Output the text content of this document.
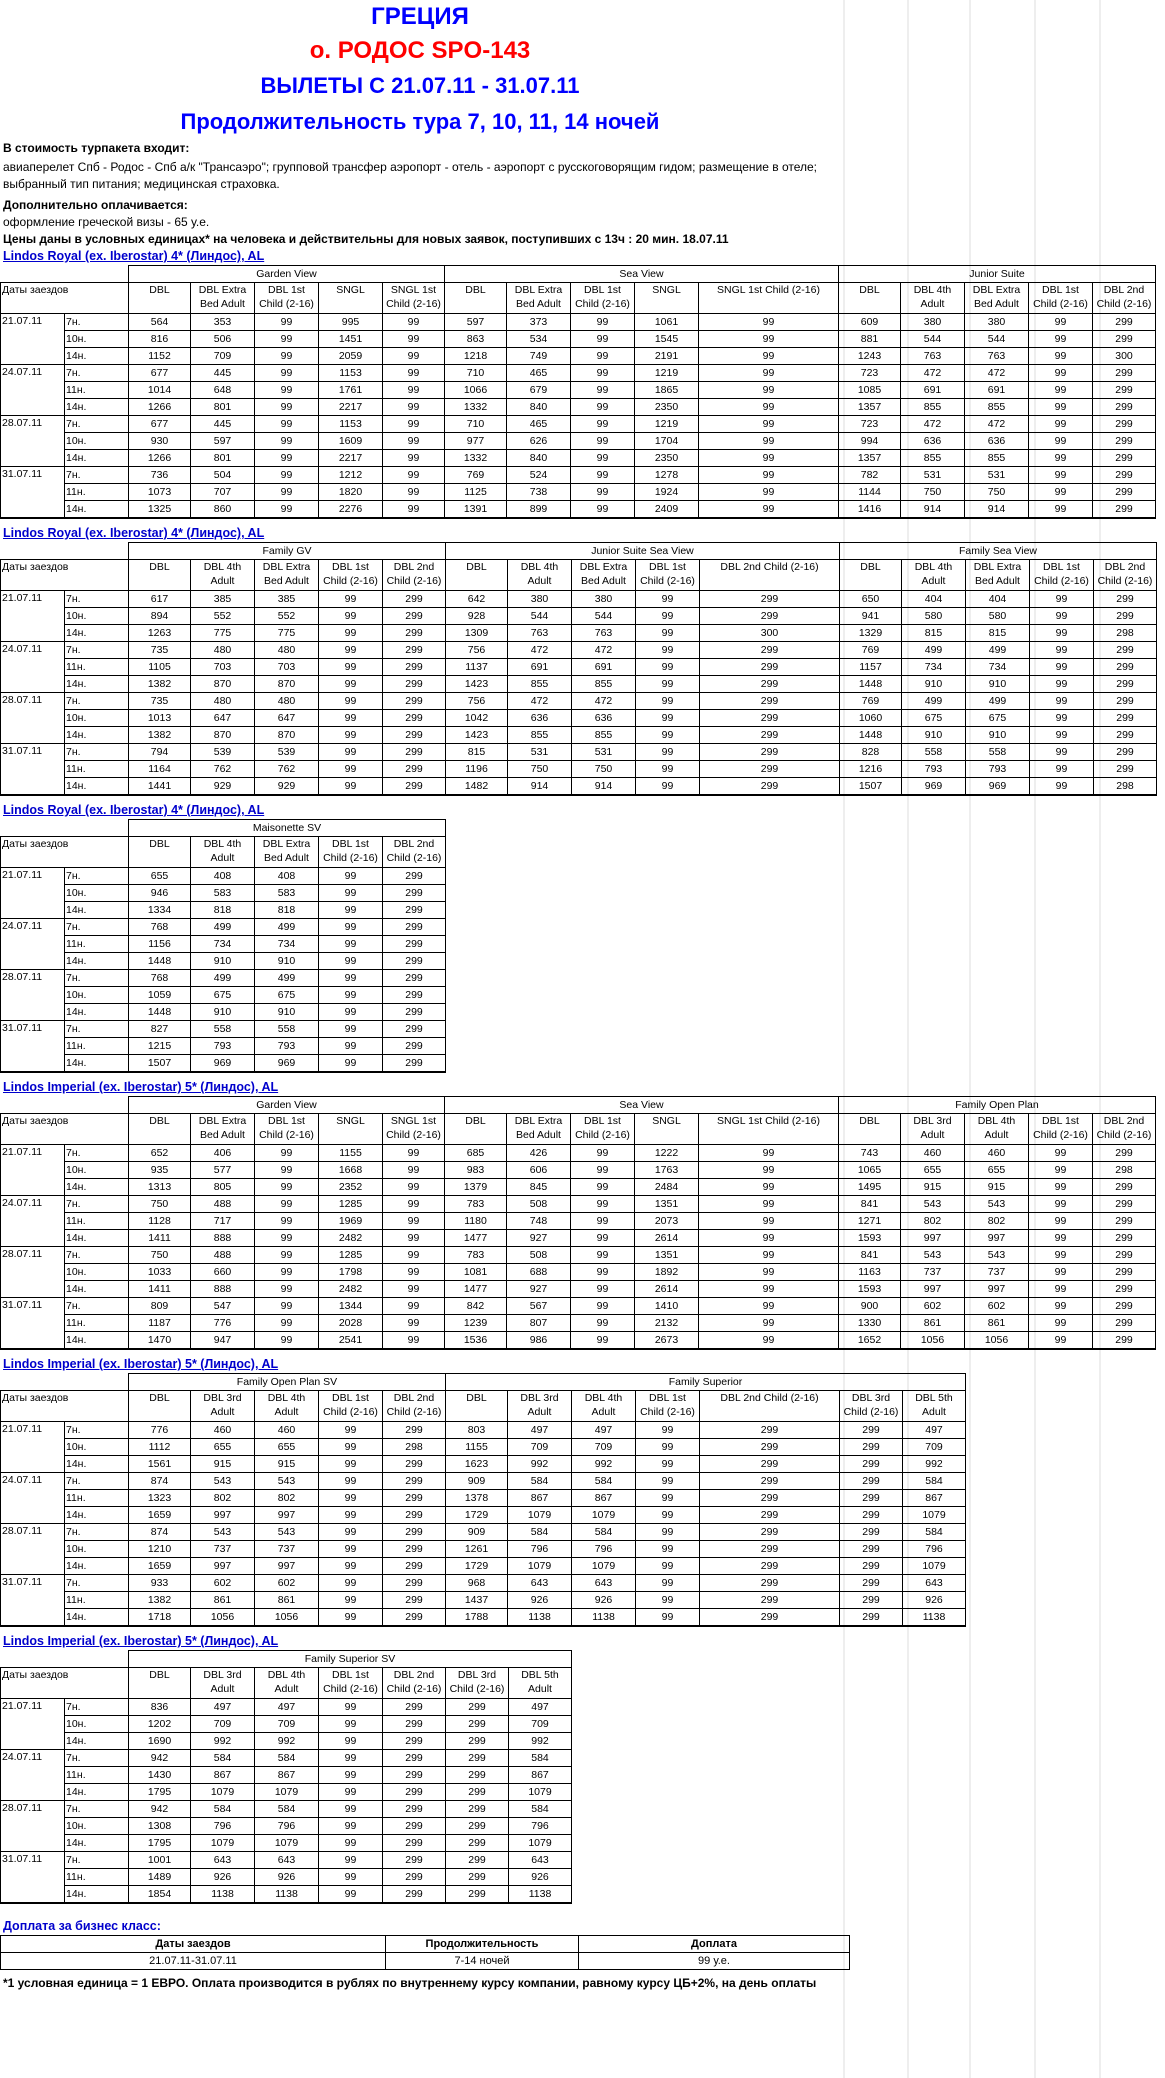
ГРЕЦИЯ
о. РОДОС SPO-143
ВЫЛЕТЫ С 21.07.11 - 31.07.11
Продолжительность тура 7, 10, 11, 14 ночей
В стоимость турпакета входит:
авиаперелет Спб - Родос - Спб а/к "Трансаэро"; групповой трансфер аэропорт - отель - аэропорт с русскоговорящим гидом; размещение в отеле; выбранный тип питания; медицинская страховка.
Дополнительно оплачивается:
оформление греческой визы - 65 у.е.
Цены даны в условных единицах* на человека и действительны для новых заявок, поступивших с 13ч : 20 мин. 18.07.11
Lindos Royal (ex. Iberostar) 4* (Линдос), AL
		Garden View					Sea View					Junior Suite				
Даты заездов		DBL	DBL Extra Bed Adult	DBL 1st Child (2-16)	SNGL	SNGL 1st Child (2-16)	DBL	DBL Extra Bed Adult	DBL 1st Child (2-16)	SNGL	SNGL 1st Child (2-16)	DBL	DBL 4th Adult	DBL Extra Bed Adult	DBL 1st Child (2-16)	DBL 2nd Child (2-16)
21.07.11	7н.	564	353	99	995	99	597	373	99	1061	99	609	380	380	99	299
	10н.	816	506	99	1451	99	863	534	99	1545	99	881	544	544	99	299
	14н.	1152	709	99	2059	99	1218	749	99	2191	99	1243	763	763	99	300
24.07.11	7н.	677	445	99	1153	99	710	465	99	1219	99	723	472	472	99	299
	11н.	1014	648	99	1761	99	1066	679	99	1865	99	1085	691	691	99	299
	14н.	1266	801	99	2217	99	1332	840	99	2350	99	1357	855	855	99	299
28.07.11	7н.	677	445	99	1153	99	710	465	99	1219	99	723	472	472	99	299
	10н.	930	597	99	1609	99	977	626	99	1704	99	994	636	636	99	299
	14н.	1266	801	99	2217	99	1332	840	99	2350	99	1357	855	855	99	299
31.07.11	7н.	736	504	99	1212	99	769	524	99	1278	99	782	531	531	99	299
	11н.	1073	707	99	1820	99	1125	738	99	1924	99	1144	750	750	99	299
	14н.	1325	860	99	2276	99	1391	899	99	2409	99	1416	914	914	99	299
Lindos Royal (ex. Iberostar) 4* (Линдос), AL
		Family GV					Junior Suite Sea View					Family Sea View				
Даты заездов		DBL	DBL 4th Adult	DBL Extra Bed Adult	DBL 1st Child (2-16)	DBL 2nd Child (2-16)	DBL	DBL 4th Adult	DBL Extra Bed Adult	DBL 1st Child (2-16)	DBL 2nd Child (2-16)	DBL	DBL 4th Adult	DBL Extra Bed Adult	DBL 1st Child (2-16)	DBL 2nd Child (2-16)
21.07.11	7н.	617	385	385	99	299	642	380	380	99	299	650	404	404	99	299
	10н.	894	552	552	99	299	928	544	544	99	299	941	580	580	99	299
	14н.	1263	775	775	99	299	1309	763	763	99	300	1329	815	815	99	298
24.07.11	7н.	735	480	480	99	299	756	472	472	99	299	769	499	499	99	299
	11н.	1105	703	703	99	299	1137	691	691	99	299	1157	734	734	99	299
	14н.	1382	870	870	99	299	1423	855	855	99	299	1448	910	910	99	299
28.07.11	7н.	735	480	480	99	299	756	472	472	99	299	769	499	499	99	299
	10н.	1013	647	647	99	299	1042	636	636	99	299	1060	675	675	99	299
	14н.	1382	870	870	99	299	1423	855	855	99	299	1448	910	910	99	299
31.07.11	7н.	794	539	539	99	299	815	531	531	99	299	828	558	558	99	299
	11н.	1164	762	762	99	299	1196	750	750	99	299	1216	793	793	99	299
	14н.	1441	929	929	99	299	1482	914	914	99	299	1507	969	969	99	298
Lindos Royal (ex. Iberostar) 4* (Линдос), AL
		Maisonette SV				
Даты заездов		DBL	DBL 4th Adult	DBL Extra Bed Adult	DBL 1st Child (2-16)	DBL 2nd Child (2-16)
21.07.11	7н.	655	408	408	99	299
	10н.	946	583	583	99	299
	14н.	1334	818	818	99	299
24.07.11	7н.	768	499	499	99	299
	11н.	1156	734	734	99	299
	14н.	1448	910	910	99	299
28.07.11	7н.	768	499	499	99	299
	10н.	1059	675	675	99	299
	14н.	1448	910	910	99	299
31.07.11	7н.	827	558	558	99	299
	11н.	1215	793	793	99	299
	14н.	1507	969	969	99	299
Lindos Imperial (ex. Iberostar) 5* (Линдос), AL
		Garden View					Sea View					Family Open Plan				
Даты заездов		DBL	DBL Extra Bed Adult	DBL 1st Child (2-16)	SNGL	SNGL 1st Child (2-16)	DBL	DBL Extra Bed Adult	DBL 1st Child (2-16)	SNGL	SNGL 1st Child (2-16)	DBL	DBL 3rd Adult	DBL 4th Adult	DBL 1st Child (2-16)	DBL 2nd Child (2-16)
21.07.11	7н.	652	406	99	1155	99	685	426	99	1222	99	743	460	460	99	299
	10н.	935	577	99	1668	99	983	606	99	1763	99	1065	655	655	99	298
	14н.	1313	805	99	2352	99	1379	845	99	2484	99	1495	915	915	99	299
24.07.11	7н.	750	488	99	1285	99	783	508	99	1351	99	841	543	543	99	299
	11н.	1128	717	99	1969	99	1180	748	99	2073	99	1271	802	802	99	299
	14н.	1411	888	99	2482	99	1477	927	99	2614	99	1593	997	997	99	299
28.07.11	7н.	750	488	99	1285	99	783	508	99	1351	99	841	543	543	99	299
	10н.	1033	660	99	1798	99	1081	688	99	1892	99	1163	737	737	99	299
	14н.	1411	888	99	2482	99	1477	927	99	2614	99	1593	997	997	99	299
31.07.11	7н.	809	547	99	1344	99	842	567	99	1410	99	900	602	602	99	299
	11н.	1187	776	99	2028	99	1239	807	99	2132	99	1330	861	861	99	299
	14н.	1470	947	99	2541	99	1536	986	99	2673	99	1652	1056	1056	99	299
Lindos Imperial (ex. Iberostar) 5* (Линдос), AL
		Family Open Plan SV					Family Superior						
Даты заездов		DBL	DBL 3rd Adult	DBL 4th Adult	DBL 1st Child (2-16)	DBL 2nd Child (2-16)	DBL	DBL 3rd Adult	DBL 4th Adult	DBL 1st Child (2-16)	DBL 2nd Child (2-16)	DBL 3rd Child (2-16)	DBL 5th Adult
21.07.11	7н.	776	460	460	99	299	803	497	497	99	299	299	497
	10н.	1112	655	655	99	298	1155	709	709	99	299	299	709
	14н.	1561	915	915	99	299	1623	992	992	99	299	299	992
24.07.11	7н.	874	543	543	99	299	909	584	584	99	299	299	584
	11н.	1323	802	802	99	299	1378	867	867	99	299	299	867
	14н.	1659	997	997	99	299	1729	1079	1079	99	299	299	1079
28.07.11	7н.	874	543	543	99	299	909	584	584	99	299	299	584
	10н.	1210	737	737	99	299	1261	796	796	99	299	299	796
	14н.	1659	997	997	99	299	1729	1079	1079	99	299	299	1079
31.07.11	7н.	933	602	602	99	299	968	643	643	99	299	299	643
	11н.	1382	861	861	99	299	1437	926	926	99	299	299	926
	14н.	1718	1056	1056	99	299	1788	1138	1138	99	299	299	1138
Lindos Imperial (ex. Iberostar) 5* (Линдос), AL
		Family Superior SV						
Даты заездов		DBL	DBL 3rd Adult	DBL 4th Adult	DBL 1st Child (2-16)	DBL 2nd Child (2-16)	DBL 3rd Child (2-16)	DBL 5th Adult
21.07.11	7н.	836	497	497	99	299	299	497
	10н.	1202	709	709	99	299	299	709
	14н.	1690	992	992	99	299	299	992
24.07.11	7н.	942	584	584	99	299	299	584
	11н.	1430	867	867	99	299	299	867
	14н.	1795	1079	1079	99	299	299	1079
28.07.11	7н.	942	584	584	99	299	299	584
	10н.	1308	796	796	99	299	299	796
	14н.	1795	1079	1079	99	299	299	1079
31.07.11	7н.	1001	643	643	99	299	299	643
	11н.	1489	926	926	99	299	299	926
	14н.	1854	1138	1138	99	299	299	1138
Доплата за бизнес класс:
Даты заездов	Продолжительность	Доплата
21.07.11-31.07.11	7-14 ночей	99 у.е.
*1 условная единица = 1 ЕВРО. Оплата производится в рублях по внутреннему курсу компании, равному курсу ЦБ+2%, на день оплаты
